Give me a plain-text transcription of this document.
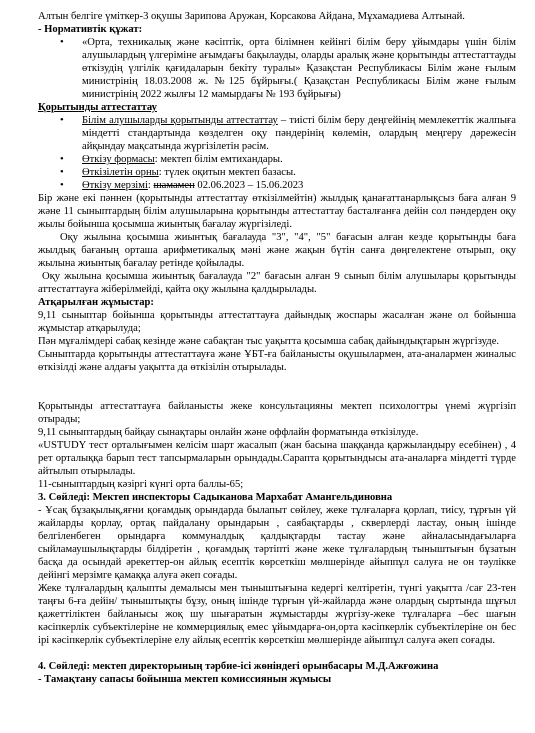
Алтын белгіге үміткер-3 оқушы Зарипова Аружан, Корсакова Айдана, Мұхамадиева Алтынай.

- Нормативтік құжат:

• «Орта, техникалық және кәсіптік, орта білімнен кейінгі білім беру ұйымдары үшін білім алушылардың үлгеріміне ағымдағы бақылауды, оларды аралық және қорытынды аттестаттауды өткізудің үлгілік қағидаларын бекіту туралы» Қазақстан Республикасы Білім және ғылым министрінің 18.03.2008 ж. №125 бұйрығы.( Қазақстан Республикасы Білім және ғылым министрінің 2022 жылғы 12 мамырдағы № 193 бұйрығы)

Қорытынды аттестаттау

• Білім алушыларды қорытынды аттестаттау – тиісті білім беру деңгейінің мемлекеттік жалпыға міндетті стандартында көзделген оқу пәндерінің көлемін, олардың меңгеру дәрежесін айқындау мақсатында жүргізілетін рәсім.
• Өткізу формасы: мектеп білім емтихандары.
• Өткізілетін орны: түлек оқитын мектеп базасы.
• Өткізу мерзімі: шамамен 02.06.2023 – 15.06.2023

Бір және екі пәннен (қорытынды аттестаттау өткізілмейтін) жылдық қанағаттанарлықсыз баға алған 9 және 11 сыныптардың білім алушыларына қорытынды аттестаттау басталғанға дейін сол пәндерден оқу жылы бойынша қосымша жиынтық бағалау жүргізіледі.

Оқу жылына қосымша жиынтық бағалауда "3", "4", "5" бағасын алған кезде қорытынды баға жылдық бағаның орташа арифметикалық мәні және жақын бүтін санға дөңгелектене отырып, оқу жылына жиынтық бағалау ретінде қойылады.

Оқу жылына қосымша жиынтық бағалауда "2" бағасын алған 9 сынып білім алушылары қорытынды аттестаттауға жіберілмейді, қайта оқу жылына қалдырылады.

Атқарылған жұмыстар:

9,11 сыныптар бойынша қорытынды аттестаттауға дайындық жоспары жасалған және ол бойынша жұмыстар атқарылуда;

Пән мұғалімдері сабақ кезінде және сабақтан тыс уақытта қосымша сабақ дайындықтарын жүргізуде.

Сыныптарда қорытынды аттестаттауға және ҰБТ-ға байланысты оқушылармен, ата-аналармен жиналыс өткізілді және алдағы уақытта да өткізілін отырылады.

Қорытынды аттестаттауға байланысты жеке консультацияны мектеп психологтры үнемі жүргізіп отырады;

9,11 сыныптардың байқау сынақтары онлайн және оффлайн форматында өткізілуде.

«USTUDY тест орталығымен келісім шарт жасалып (жан басына шаққанда қаржыландыру есебінен) , 4 рет орталыққа барып тест тапсырмаларын орындады.Сарапта қорытындысы ата-аналарға міндетті түрде айтылып отырылады.

11-сыныптардың кәзіргі күнгі орта баллы-65;

3. Сөйледі: Мектеп инспекторы Садыканова Мархабат Амангельдиновна

- Ұсақ бұзақылық,яғни қоғамдық орындарда былапыт сөйлеу, жеке тұлғаларға қорлап, тиісу, тұрғын үй жайларды қорлау, ортақ пайдалану орындарын , саябақтарды , скверлерді ластау, оның ішінде белгіленбеген орындарға коммуналдық қалдықтарды тастау және айналасындағыларға сыйламаушылықтарды білдіретін , қоғамдық тәртіпті және жеке тұлғалардың тыныштығын бұзатын басқа да осындай әрекеттер-он айлық есептік көрсеткіш мөлшерінде айыппұл салуға не он тәулікке дейінгі мерзімге қамаққа алуға әкеп соғады.

Жеке тұлғалардың қалыпты демалысы мен тыныштығына кедергі келтіретін, түнгі уақытта /сағ 23-тен таңғы 6-ға дейін/ тыныштықты бұзу, оның ішінде тұрғын үй-жайларда және олардың сыртында шұғыл қажеттіліктен байланысы жоқ шу шығаратын жұмыстарды жүргізу-жеке тұлғаларға –бес шағын кәсіпкерлік субъектілеріне не коммерциялық емес ұйымдарға-он,орта кәсіпкерлік субъектілеріне он бес ірі кәсіпкерлік субъектілеріне елу айлық есептік көрсеткіш мөлшерінде айыппұл салуға әкеп соғады.

4. Сөйледі: мектеп директорының тәрбие-ісі жөніндегі орынбасары М.Д.Ажғожина

- Тамақтану сапасы бойынша мектеп комиссиянын жұмысы
